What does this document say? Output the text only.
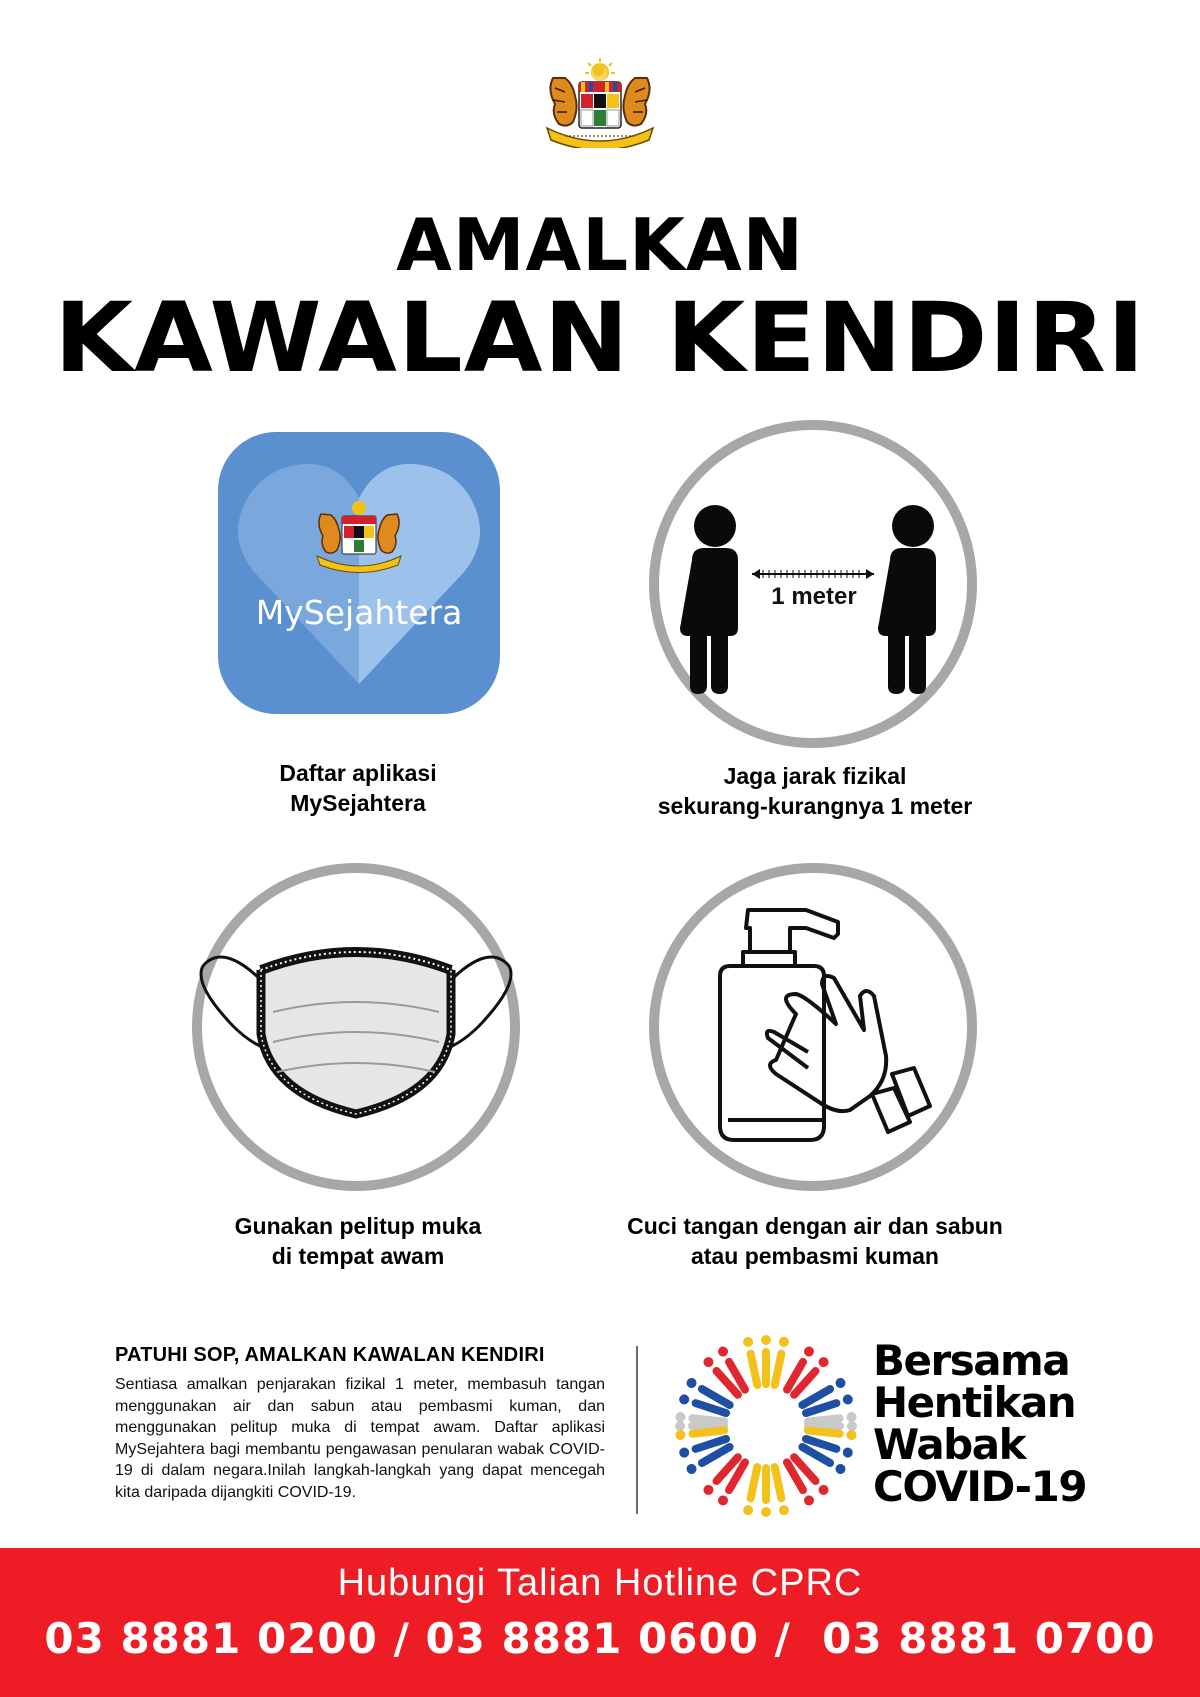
AMALKAN
KAWALAN KENDIRI
MySejahtera
Daftar aplikasi
MySejahtera
1 meter
Jaga jarak fizikal
sekurang-kurangnya 1 meter
Gunakan pelitup muka
di tempat awam
Cuci tangan dengan air dan sabun
atau pembasmi kuman
PATUHI SOP, AMALKAN KAWALAN KENDIRI
Sentiasa amalkan penjarakan fizikal 1 meter, membasuh tangan menggunakan air dan sabun atau pembasmi kuman, dan menggunakan pelitup muka di tempat awam. Daftar aplikasi MySejahtera bagi membantu pengawasan penularan wabak COVID-19 di dalam negara.Inilah langkah-langkah yang dapat mencegah kita daripada dijangkiti COVID-19.
Bersama
Hentikan
Wabak
COVID-19
Hubungi Talian Hotline CPRC
03 8881 0200 / 03 8881 0600 /  03 8881 0700
